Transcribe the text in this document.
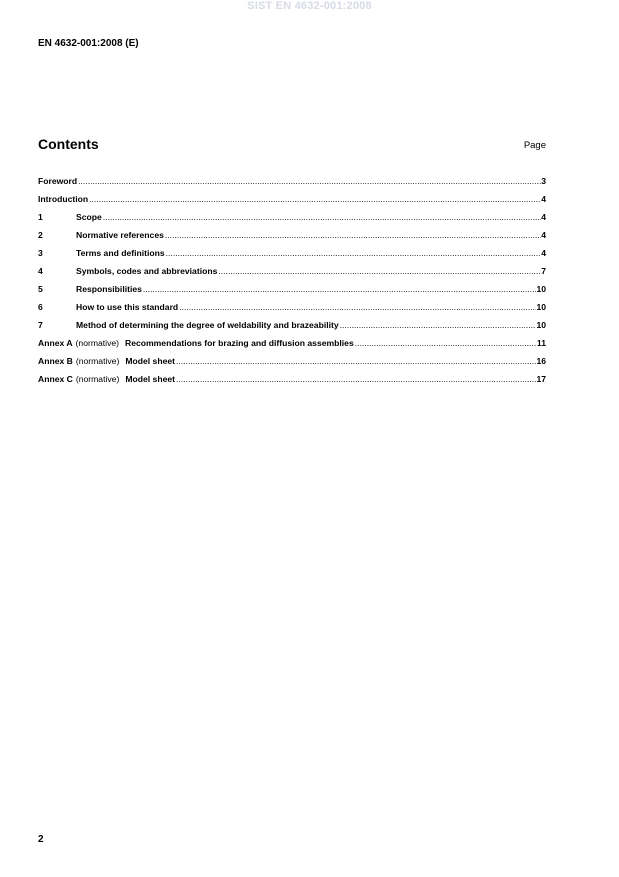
SIST EN 4632-001:2008
EN 4632-001:2008 (E)
Contents	Page
Foreword .....	3
Introduction .....	4
1	Scope .....	4
2	Normative references .....	4
3	Terms and definitions .....	4
4	Symbols, codes and abbreviations .....	7
5	Responsibilities .....	10
6	How to use this standard .....	10
7	Method of determining the degree of weldability and brazeability .....	10
Annex A (normative) Recommendations for brazing and diffusion assemblies .....	11
Annex B (normative) Model sheet .....	16
Annex C (normative) Model sheet .....	17
2
